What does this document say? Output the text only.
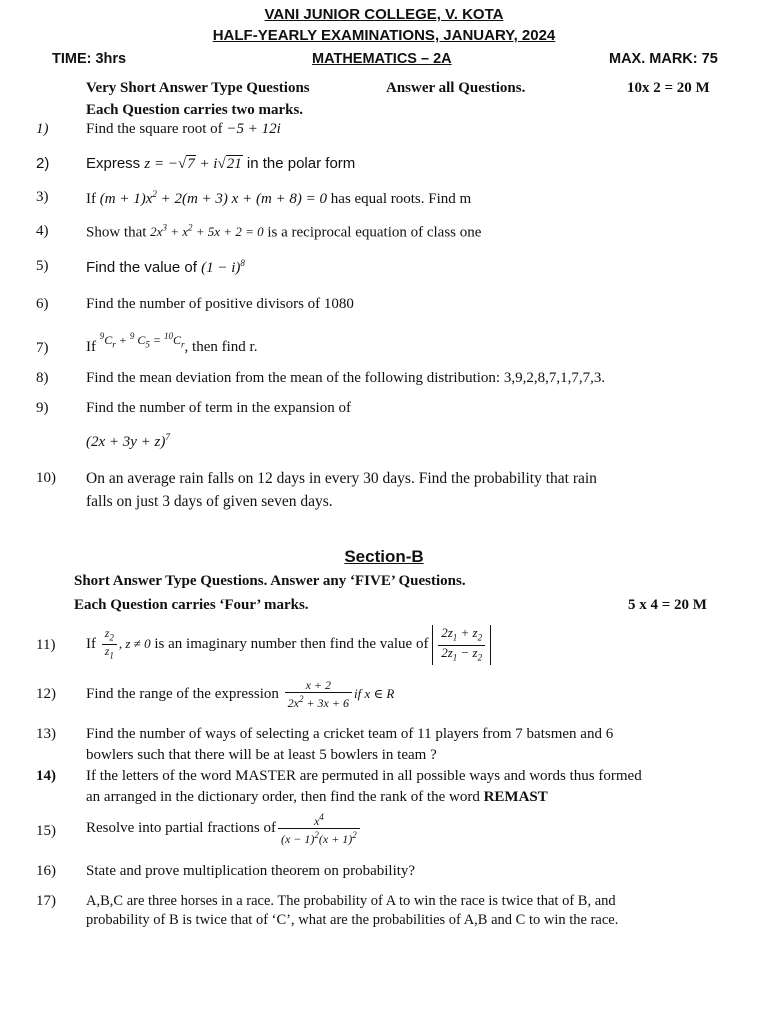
VANI JUNIOR COLLEGE, V. KOTA
HALF-YEARLY EXAMINATIONS, JANUARY, 2024
TIME: 3hrs	MATHEMATICS – 2A	MAX. MARK: 75
Very Short Answer Type Questions	Answer all Questions.	10x 2 = 20 M
Each Question carries two marks.
1)	Find the square root of −5 + 12i
2) Express z = −√7 + i√21 in the polar form
3)	If $(m + 1)x^2 + 2(m + 3)$ x + (m + 8) = 0 has equal roots. Find m
4)	Show that $2x^3 + x^2 + 5x + 2 = 0$ is a reciprocal equation of class one
5)	Find the value of $(1 - i)^8$
6)	Find the number of positive divisors of 1080
7)	If $^{^9C_r + ^9 C_5 = ^{10}C_r}$, then find r.
8)	Find the mean deviation from the mean of the following distribution: 3,9,2,8,7,1,7,7,3.
9)	Find the number of term in the expansion of
$(2x + 3y + z)^7$
10) On an average rain falls on 12 days in every 30 days. Find the probability that rain
falls on just 3 days of given seven days.
Section-B
Short Answer Type Questions. Answer any ‘FIVE’ Questions.
Each Question carries ‘Four’ marks.	5 x 4 = 20 M
11) If $\frac{z_2}{z_1}$ , z ≠ 0 is an imaginary number then find the value of $\frac{2z_1 + z_2}{2z_1 - z_2}$
12) Find the range of the expression $\frac{x + 2}{2x^2 + 3x + 6}$ if x ∈ R
13) Find the number of ways of selecting a cricket team of 11 players from 7 batsmen and 6
bowlers such that there will be at least 5 bowlers in team ?
14) If the letters of the word MASTER are permuted in all possible ways and words thus formed
an arranged in the dictionary order, then find the rank of the word REMAST
15) Resolve into partial fractions of $\frac{x^4}{(x - 1)^2(x + 1)^2}$
16) State and prove multiplication theorem on probability?
17) A,B,C are three horses in a race. The probability of A to win the race is twice that of B, and
probability of B is twice that of ‘C’, what are the probabilities of A,B and C to win the race.
